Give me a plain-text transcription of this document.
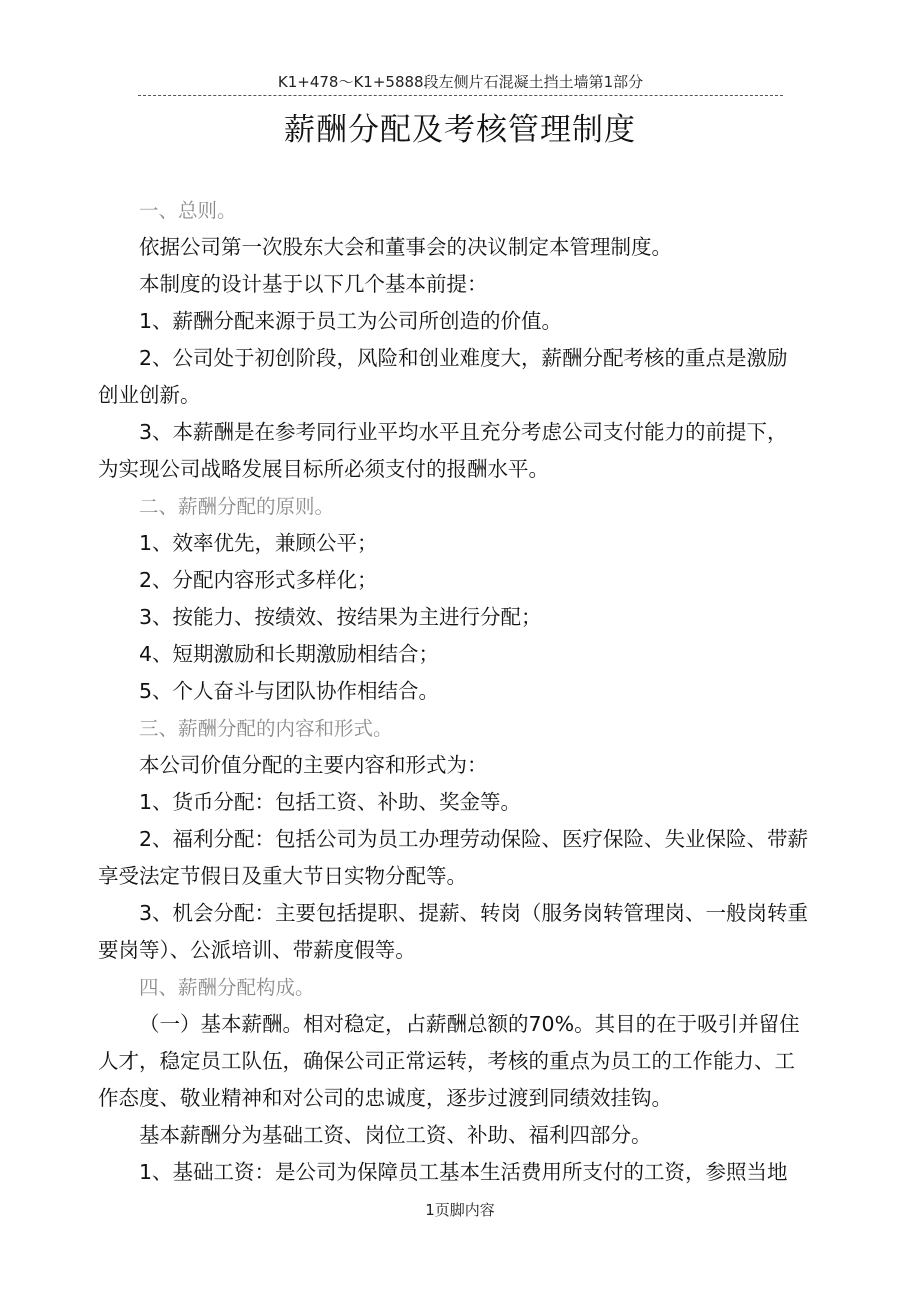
K1+478～K1+5888段左侧片石混凝土挡土墙第1部分
薪酬分配及考核管理制度

一、总则。

依据公司第一次股东大会和董事会的决议制定本管理制度。

本制度的设计基于以下几个基本前提：

1、薪酬分配来源于员工为公司所创造的价值。

2、公司处于初创阶段，风险和创业难度大，薪酬分配考核的重点是激励

创业创新。

3、本薪酬是在参考同行业平均水平且充分考虑公司支付能力的前提下，

为实现公司战略发展目标所必须支付的报酬水平。

二、薪酬分配的原则。

1、效率优先，兼顾公平；

2、分配内容形式多样化；

3、按能力、按绩效、按结果为主进行分配；

4、短期激励和长期激励相结合；

5、个人奋斗与团队协作相结合。

三、薪酬分配的内容和形式。

本公司价值分配的主要内容和形式为：

1、货币分配：包括工资、补助、奖金等。

2、福利分配：包括公司为员工办理劳动保险、医疗保险、失业保险、带薪

享受法定节假日及重大节日实物分配等。

3、机会分配：主要包括提职、提薪、转岗（服务岗转管理岗、一般岗转重

要岗等）、公派培训、带薪度假等。

四、薪酬分配构成。

（一）基本薪酬。相对稳定，占薪酬总额的70%。其目的在于吸引并留住

人才，稳定员工队伍，确保公司正常运转，考核的重点为员工的工作能力、工

作态度、敬业精神和对公司的忠诚度，逐步过渡到同绩效挂钩。

基本薪酬分为基础工资、岗位工资、补助、福利四部分。

1、基础工资：是公司为保障员工基本生活费用所支付的工资，参照当地

1页脚内容
